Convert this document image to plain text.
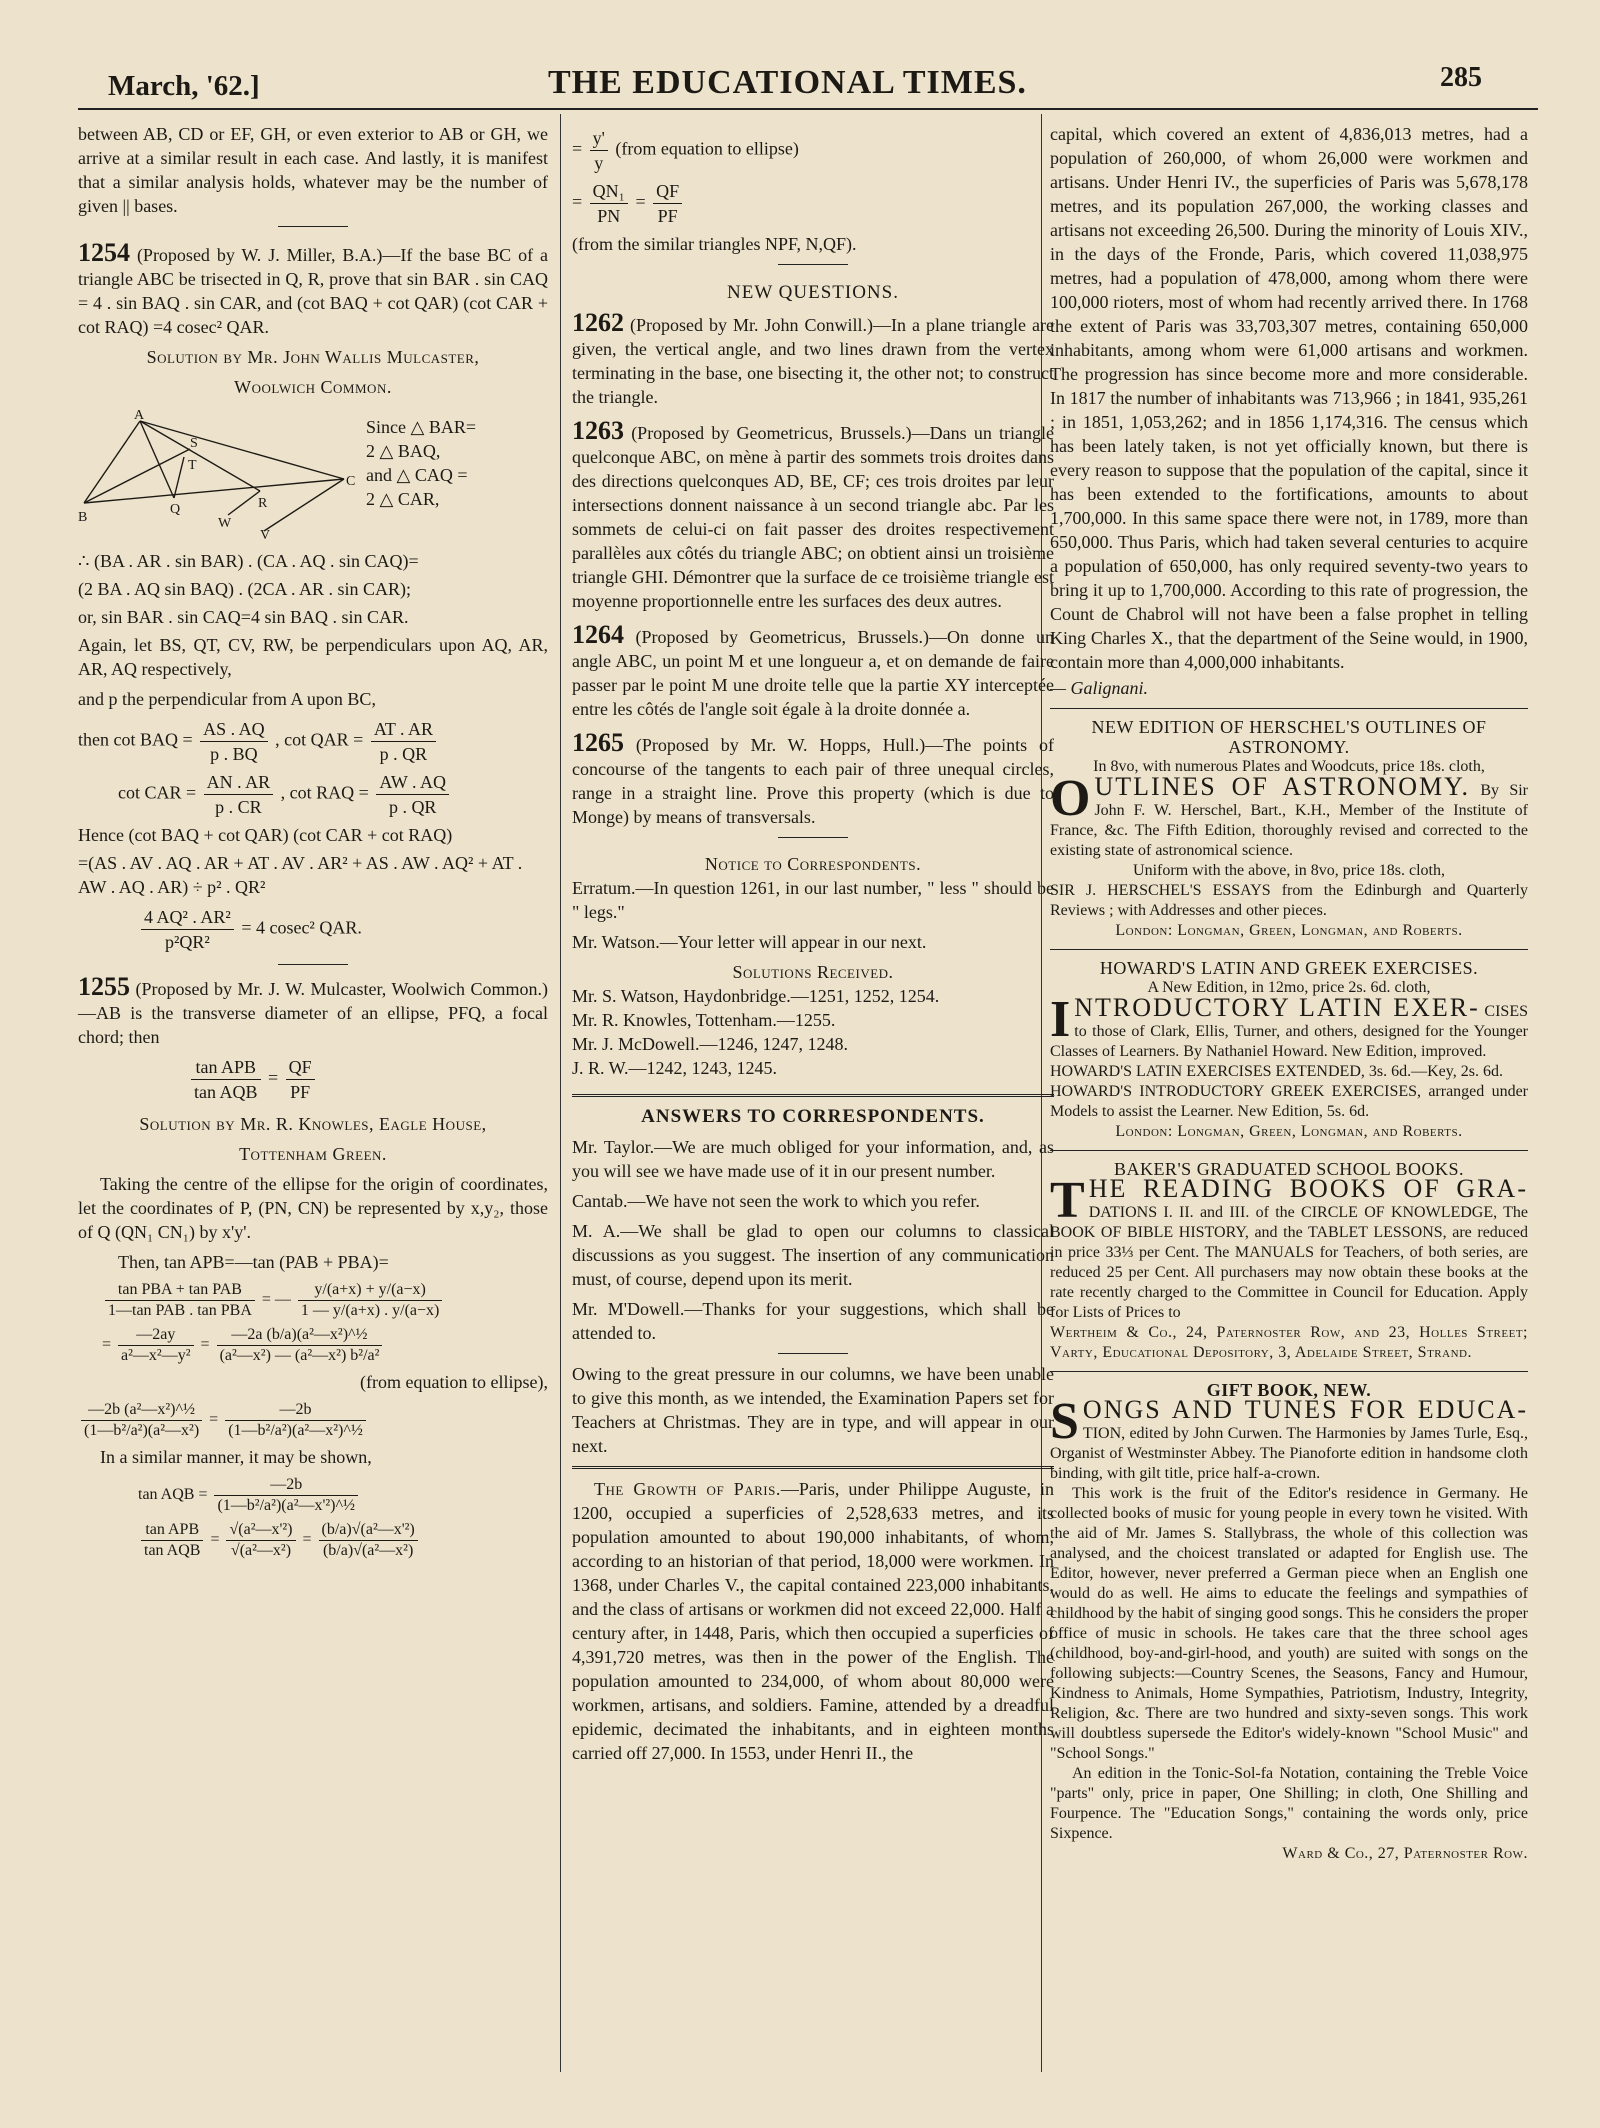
March, '62.]	THE EDUCATIONAL TIMES.	285

between AB, CD or EF, GH, or even exterior to AB or GH, we arrive at a similar result in each case. And lastly, it is manifest that a similar analysis holds, whatever may be the number of given || bases.

1254 (Proposed by W. J. Miller, B.A.)—If the base BC of a triangle ABC be trisected in Q, R, prove that sin BAR . sin CAQ = 4 . sin BAQ . sin CAR, and (cot BAQ + cot QAR) (cot CAR + cot RAQ) =4 cosec² QAR.

Solution by Mr. John Wallis Mulcaster,

Woolwich Common.

A
B
C
Q	R
S
T
W
V
Since △ BAR=
2 △ BAQ,
and △ CAQ =
2 △ CAR,

∴ (BA . AR . sin BAR) . (CA . AQ . sin CAQ)=

(2 BA . AQ sin BAQ) . (2CA . AR . sin CAR);

or, sin BAR . sin CAQ=4 sin BAQ . sin CAR.

Again, let BS, QT, CV, RW, be perpendiculars upon AQ, AR, AR, AQ respectively,

and p the perpendicular from A upon BC,

then cot BAQ = $\frac{AS . AQ}{p . BQ}$ , cot QAR = $\frac{AT . AR}{p . QR}$
cot CAR = $\frac{AN . AR}{p . CR}$ , cot RAQ = $\frac{AW . AQ}{p . QR}$

Hence (cot BAQ + cot QAR) (cot CAR + cot RAQ)

=(AS . AV . AQ . AR + AT . AV . AR² + AS . AW . AQ² + AT . AW . AQ . AR) ÷ p² . QR²

$\frac{\text{4 AQ² . AR²}}{\text{p²QR²}} = 4$ cosec² QAR.

1255 (Proposed by Mr. J. W. Mulcaster, Woolwich Common.)—AB is the transverse diameter of an ellipse, PFQ, a focal chord; then

$\frac{\text{tan APB}}{\text{tan AQB}} = \frac{QF}{PF}$

Solution by Mr. R. Knowles, Eagle House,

Tottenham Green.

Taking the centre of the ellipse for the origin of coordinates, let the coordinates of P, (PN, CN) be represented by x,y₂, those of Q (QN₁ CN₁) by x'y'.

Then, tan APB=—tan (PAB + PBA)=

$\frac{\text{tan PBA + tan PAB}}{\text{1—tan PAB . tan PBA}}$ = — $\frac{y/(a+x) + y/(a-x)}{1 — y/(a+x) . y/(a-x)}$
= $\frac{—2ay}{\text{a²—x²—y²}} = \frac{\text{—2a (b/a)(a²—x²)\textasciicircum{}½}}{\text{(a²—x²) — (a²—x²) b²/a²}}$

(from equation to ellipse),

$\frac{\text{—2b (a²—x²)\textasciicircum{}½}}{\text{(1—b²/a²)(a²—x²)}} = \frac{—2b}{\text{(1—b²/a²)(a²—x²)\textasciicircum{}½}}$

In a similar manner, it may be shown,

tan AQB = $\frac{—2b}{\text{(1—b²/a²)(a²—x'²)\textasciicircum{}½}}$
$\frac{\text{tan APB}}{\text{tan AQB}} = \frac{\text{√(a²—x'²)}}{\text{√(a²—x²)}} = \frac{\text{(b/a)√(a²—x'²)}}{\text{(b/a)√(a²—x²)}}$
= $\frac{y'}{y}$ (from equation to ellipse)
= $\frac{\text{QN₁}}{PN} = \frac{QF}{PF}$

(from the similar triangles NPF, N,QF).

NEW QUESTIONS.

1262 (Proposed by Mr. John Conwill.)—In a plane triangle are given, the vertical angle, and two lines drawn from the vertex terminating in the base, one bisecting it, the other not; to construct the triangle.

1263 (Proposed by Geometricus, Brussels.)—Dans un triangle quelconque ABC, on mène à partir des sommets trois droites dans des directions quelconques AD, BE, CF; ces trois droites par leur intersections donnent naissance à un second triangle abc. Par les sommets de celui-ci on fait passer des droites respectivement parallèles aux côtés du triangle ABC; on obtient ainsi un troisième triangle GHI. Démontrer que la surface de ce troisième triangle est moyenne proportionnelle entre les surfaces des deux autres.

1264 (Proposed by Geometricus, Brussels.)—On donne un angle ABC, un point M et une longueur a, et on demande de faire passer par le point M une droite telle que la partie XY interceptée entre les côtés de l'angle soit égale à la droite donnée a.

1265 (Proposed by Mr. W. Hopps, Hull.)—The points of concourse of the tangents to each pair of three unequal circles, range in a straight line. Prove this property (which is due to Monge) by means of transversals.

Notice to Correspondents.

Erratum.—In question 1261, in our last number, " less " should be " legs."

Mr. Watson.—Your letter will appear in our next.

Solutions Received.
Mr. S. Watson, Haydonbridge.—1251, 1252, 1254.
Mr. R. Knowles, Tottenham.—1255.
Mr. J. McDowell.—1246, 1247, 1248.
J. R. W.—1242, 1243, 1245.
ANSWERS TO CORRESPONDENTS.

Mr. Taylor.—We are much obliged for your information, and, as you will see we have made use of it in our present number.

Cantab.—We have not seen the work to which you refer.

M. A.—We shall be glad to open our columns to classical discussions as you suggest. The insertion of any communication must, of course, depend upon its merit.

Mr. M'Dowell.—Thanks for your suggestions, which shall be attended to.

Owing to the great pressure in our columns, we have been unable to give this month, as we intended, the Examination Papers set for Teachers at Christmas. They are in type, and will appear in our next.

The Growth of Paris.—Paris, under Philippe Auguste, in 1200, occupied a superficies of 2,528,633 metres, and its population amounted to about 190,000 inhabitants, of whom, according to an historian of that period, 18,000 were workmen. In 1368, under Charles V., the capital contained 223,000 inhabitants, and the class of artisans or workmen did not exceed 22,000. Half a century after, in 1448, Paris, which then occupied a superficies of 4,391,720 metres, was then in the power of the English. The population amounted to 234,000, of whom about 80,000 were workmen, artisans, and soldiers. Famine, attended by a dreadful epidemic, decimated the inhabitants, and in eighteen months carried off 27,000. In 1553, under Henri II., the

capital, which covered an extent of 4,836,013 metres, had a population of 260,000, of whom 26,000 were workmen and artisans. Under Henri IV., the superficies of Paris was 5,678,178 metres, and its population 267,000, the working classes and artisans not exceeding 26,500. During the minority of Louis XIV., in the days of the Fronde, Paris, which covered 11,038,975 metres, had a population of 478,000, among whom there were 100,000 rioters, most of whom had recently arrived there. In 1768 the extent of Paris was 33,703,307 metres, containing 650,000 inhabitants, among whom were 61,000 artisans and workmen. The progression has since become more and more considerable. In 1817 the number of inhabitants was 713,966 ; in 1841, 935,261 ; in 1851, 1,053,262; and in 1856 1,174,316. The census which has been lately taken, is not yet officially known, but there is every reason to suppose that the population of the capital, since it has been extended to the fortifications, amounts to about 1,700,000. In this same space there were not, in 1789, more than 650,000. Thus Paris, which had taken several centuries to acquire a population of 650,000, has only required seventy-two years to bring it up to 1,700,000. According to this rate of progression, the Count de Chabrol will not have been a false prophet in telling King Charles X., that the department of the Seine would, in 1900, contain more than 4,000,000 inhabitants.

— Galignani.

NEW EDITION OF HERSCHEL'S OUTLINES OF ASTRONOMY.
In 8vo, with numerous Plates and Woodcuts, price 18s. cloth,
OUTLINES OF ASTRONOMY. By Sir John F. W. Herschel, Bart., K.H., Member of the Institute of France, &c. The Fifth Edition, thoroughly revised and corrected to the existing state of astronomical science.
Uniform with the above, in 8vo, price 18s. cloth,
SIR J. HERSCHEL'S ESSAYS from the Edinburgh and Quarterly Reviews ; with Addresses and other pieces.
London: Longman, Green, Longman, and Roberts.
HOWARD'S LATIN AND GREEK EXERCISES.
A New Edition, in 12mo, price 2s. 6d. cloth,
INTRODUCTORY LATIN EXER- CISES to those of Clark, Ellis, Turner, and others, designed for the Younger Classes of Learners. By Nathaniel Howard. New Edition, improved.
HOWARD'S LATIN EXERCISES EXTENDED, 3s. 6d.—Key, 2s. 6d.
HOWARD'S INTRODUCTORY GREEK EXERCISES, arranged under Models to assist the Learner. New Edition, 5s. 6d.
London: Longman, Green, Longman, and Roberts.
BAKER'S GRADUATED SCHOOL BOOKS.
THE READING BOOKS OF GRA- DATIONS I. II. and III. of the CIRCLE OF KNOWLEDGE, The BOOK OF BIBLE HISTORY, and the TABLET LESSONS, are reduced in price 33⅓ per Cent. The MANUALS for Teachers, of both series, are reduced 25 per Cent. All purchasers may now obtain these books at the rate recently charged to the Committee in Council for Education. Apply for Lists of Prices to
Wertheim & Co., 24, Paternoster Row, and 23, Holles Street; Varty, Educational Depository, 3, Adelaide Street, Strand.
GIFT BOOK, NEW.
SONGS AND TUNES FOR EDUCA- TION, edited by John Curwen. The Harmonies by James Turle, Esq., Organist of Westminster Abbey. The Pianoforte edition in handsome cloth binding, with gilt title, price half-a-crown.
This work is the fruit of the Editor's residence in Germany. He collected books of music for young people in every town he visited. With the aid of Mr. James S. Stallybrass, the whole of this collection was analysed, and the choicest translated or adapted for English use. The Editor, however, never preferred a German piece when an English one would do as well. He aims to educate the feelings and sympathies of childhood by the habit of singing good songs. This he considers the proper office of music in schools. He takes care that the three school ages (childhood, boy-and-girl-hood, and youth) are suited with songs on the following subjects:—Country Scenes, the Seasons, Fancy and Humour, Kindness to Animals, Home Sympathies, Patriotism, Industry, Integrity, Religion, &c. There are two hundred and sixty-seven songs. This work will doubtless supersede the Editor's widely-known "School Music" and "School Songs."
An edition in the Tonic-Sol-fa Notation, containing the Treble Voice "parts" only, price in paper, One Shilling; in cloth, One Shilling and Fourpence. The "Education Songs," containing the words only, price Sixpence.
Ward & Co., 27, Paternoster Row.
